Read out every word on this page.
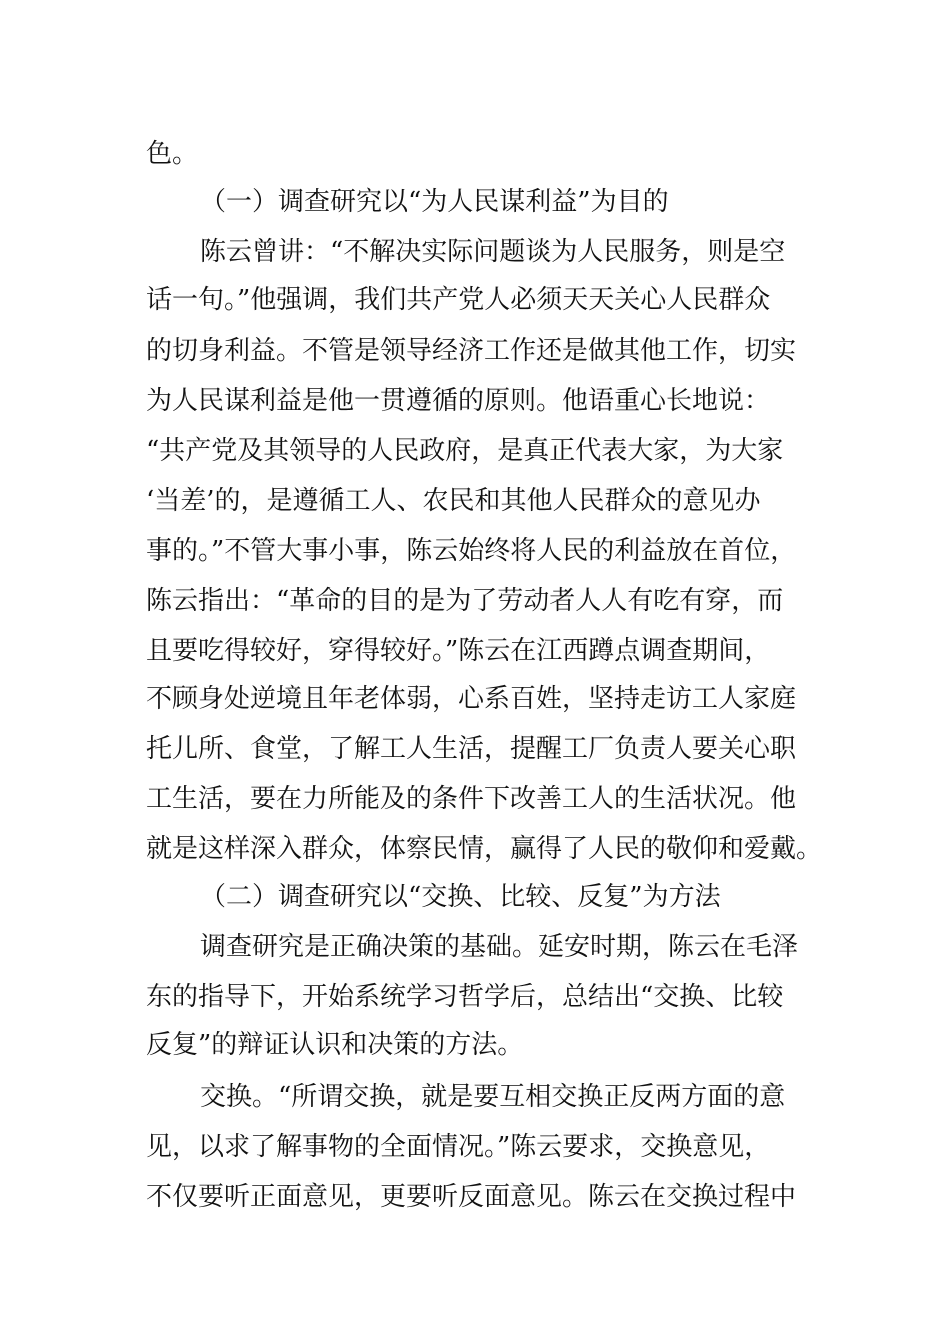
色。
（一）调查研究以“为人民谋利益”为目的
陈云曾讲：“不解决实际问题谈为人民服务，则是空
话一句。”他强调，我们共产党人必须天天关心人民群众
的切身利益。不管是领导经济工作还是做其他工作，切实
为人民谋利益是他一贯遵循的原则。他语重心长地说：
“共产党及其领导的人民政府，是真正代表大家，为大家
‘当差’的，是遵循工人、农民和其他人民群众的意见办
事的。”不管大事小事，陈云始终将人民的利益放在首位，
陈云指出：“革命的目的是为了劳动者人人有吃有穿，而
且要吃得较好，穿得较好。”陈云在江西蹲点调查期间，
不顾身处逆境且年老体弱，心系百姓，坚持走访工人家庭
托儿所、食堂，了解工人生活，提醒工厂负责人要关心职
工生活，要在力所能及的条件下改善工人的生活状况。他
就是这样深入群众，体察民情，赢得了人民的敬仰和爱戴。
（二）调查研究以“交换、比较、反复”为方法
调查研究是正确决策的基础。延安时期，陈云在毛泽
东的指导下，开始系统学习哲学后，总结出“交换、比较
反复”的辩证认识和决策的方法。
交换。“所谓交换，就是要互相交换正反两方面的意
见，以求了解事物的全面情况。”陈云要求，交换意见，
不仅要听正面意见，更要听反面意见。陈云在交换过程中
